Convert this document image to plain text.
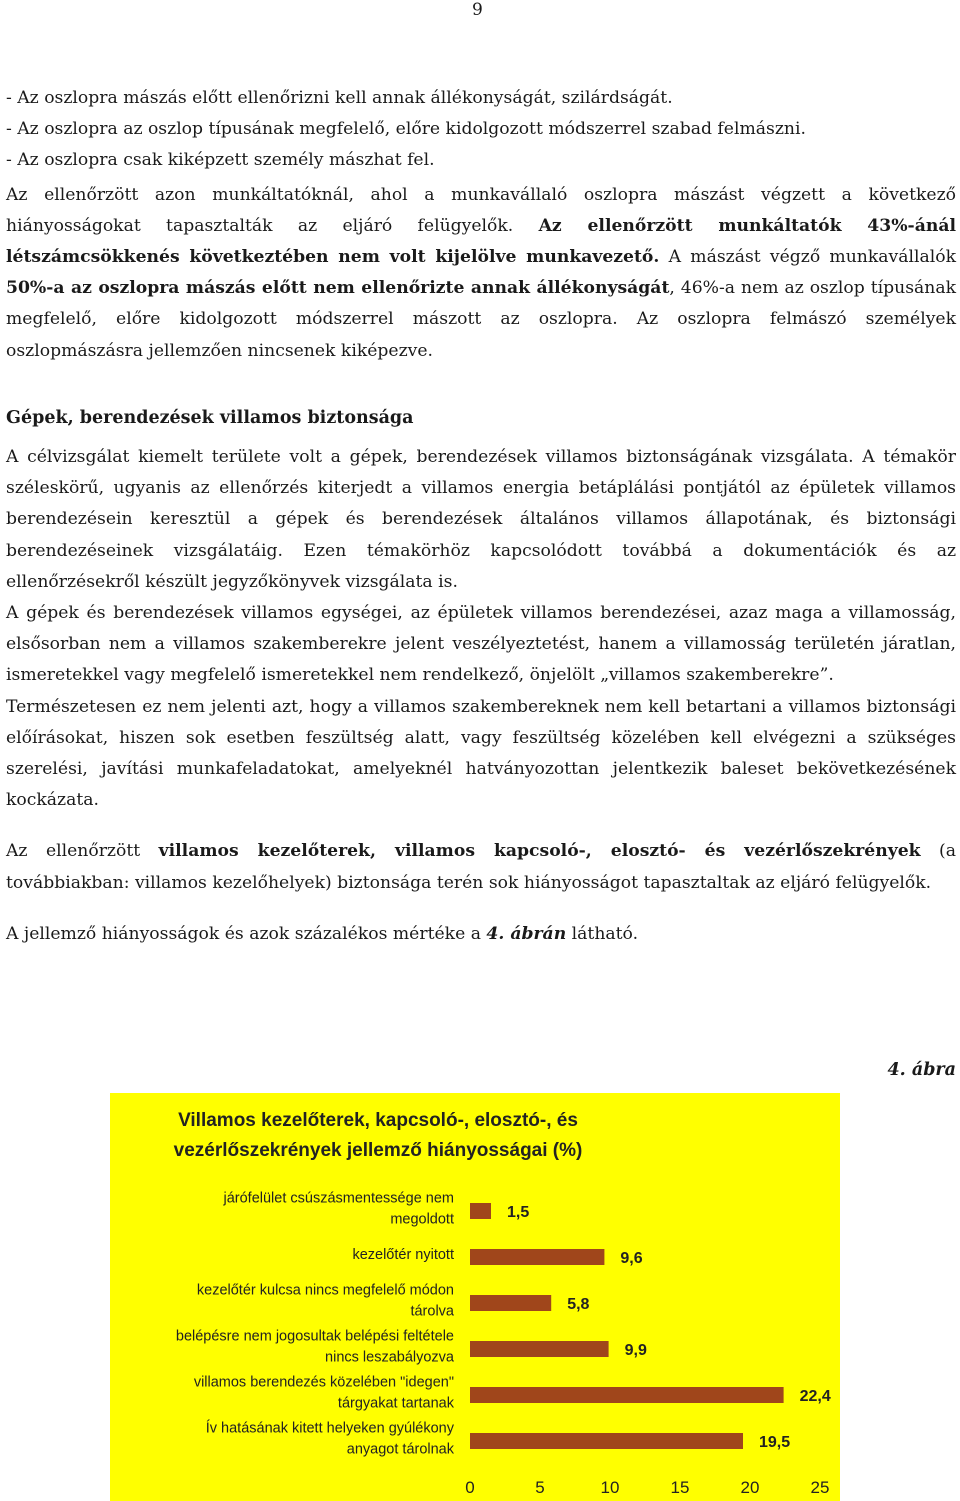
9

- Az oszlopra mászás előtt ellenőrizni kell annak állékonyságát, szilárdságát.

- Az oszlopra az oszlop típusának megfelelő, előre kidolgozott módszerrel szabad felmászni.

- Az oszlopra csak kiképzett személy mászhat fel.

Az ellenőrzött azon munkáltatóknál, ahol a munkavállaló oszlopra mászást végzett a következő hiányosságokat tapasztalták az eljáró felügyelők. Az ellenőrzött munkáltatók 43%-ánál létszámcsökkenés következtében nem volt kijelölve munkavezető. A mászást végző munkavállalók 50%-a az oszlopra mászás előtt nem ellenőrizte annak állékonyságát, 46%-a nem az oszlop típusának megfelelő, előre kidolgozott módszerrel mászott az oszlopra. Az oszlopra felmászó személyek oszlopmászásra jellemzően nincsenek kiképezve.

Gépek, berendezések villamos biztonsága

A célvizsgálat kiemelt területe volt a gépek, berendezések villamos biztonságának vizsgálata. A témakör széleskörű, ugyanis az ellenőrzés kiterjedt a villamos energia betáplálási pontjától az épületek villamos berendezésein keresztül a gépek és berendezések általános villamos állapotának, és biztonsági berendezéseinek vizsgálatáig. Ezen témakörhöz kapcsolódott továbbá a dokumentációk és az ellenőrzésekről készült jegyzőkönyvek vizsgálata is.

A gépek és berendezések villamos egységei, az épületek villamos berendezései, azaz maga a villamosság, elsősorban nem a villamos szakemberekre jelent veszélyeztetést, hanem a villamosság területén járatlan, ismeretekkel vagy megfelelő ismeretekkel nem rendelkező, önjelölt „villamos szakemberekre”.

Természetesen ez nem jelenti azt, hogy a villamos szakembereknek nem kell betartani a villamos biztonsági előírásokat, hiszen sok esetben feszültség alatt, vagy feszültség közelében kell elvégezni a szükséges szerelési, javítási munkafeladatokat, amelyeknél hatványozottan jelentkezik baleset bekövetkezésének kockázata.

Az ellenőrzött villamos kezelőterek, villamos kapcsoló-, elosztó- és vezérlőszekrények (a továbbiakban: villamos kezelőhelyek) biztonsága terén sok hiányosságot tapasztaltak az eljáró felügyelők.

A jellemző hiányosságok és azok százalékos mértéke a 4. ábrán látható.

4. ábra
Villamos kezelőterek, kapcsoló-, elosztó-, és
vezérlőszekrények jellemző hiányosságai (%)
járófelület csúszásmentessége nem
megoldott	1,5
kezelőtér nyitott	9,6
kezelőtér kulcsa nincs megfelelő módon
tárolva	5,8
belépésre nem jogosultak belépési feltétele
nincs leszabályozva	9,9
villamos berendezés közelében "idegen"
tárgyakat tartanak	22,4
Ív hatásának kitett helyeken gyúlékony
anyagot tárolnak	19,5
0	5	10	15	20	25
